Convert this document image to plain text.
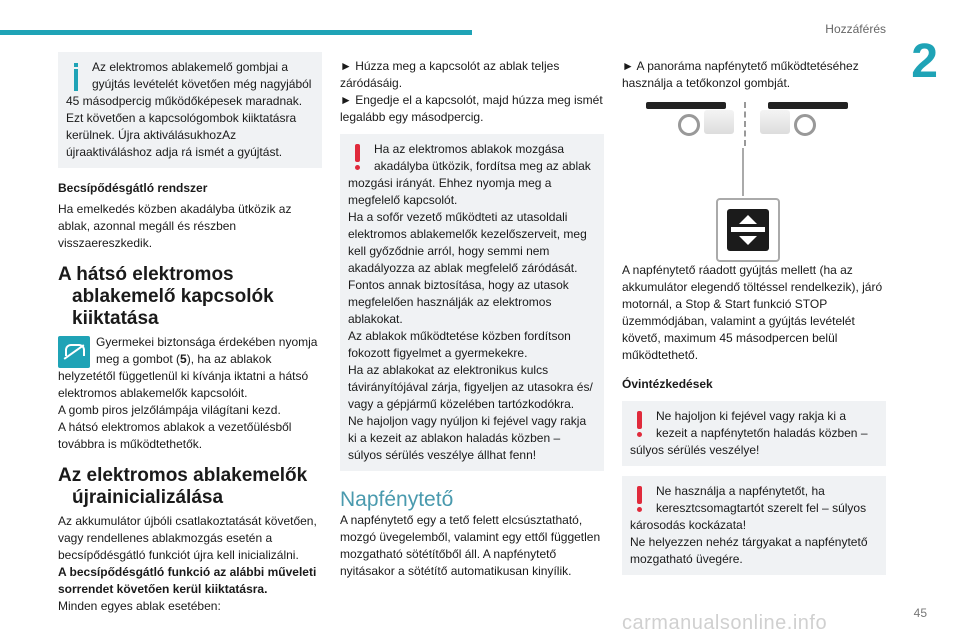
Hozzáférés
2
Az elektromos ablakemelő gombjai a gyújtás levételét követően még nagyjából 45 másodpercig működőképesek maradnak. Ezt követően a kapcsológombok kiiktatásra kerülnek. Újra aktiválásukhozAz újraaktiváláshoz adja rá ismét a gyújtást.
Becsípődésgátló rendszer
Ha emelkedés közben akadályba ütközik az ablak, azonnal megáll és részben visszaereszkedik.
A hátsó elektromos
ablakemelő kapcsolók
kiiktatása
Gyermekei biztonsága érdekében nyomja meg a gombot (5), ha az ablakok helyzetétől függetlenül ki kívánja iktatni a hátsó elektromos ablakemelők kapcsolóit.
A gomb piros jelzőlámpája világítani kezd.
A hátsó elektromos ablakok a vezetőülésből továbbra is működtethetők.
Az elektromos ablakemelők
újrainicializálása
Az akkumulátor újbóli csatlakoztatását követően, vagy rendellenes ablakmozgás esetén a becsípődésgátló funkciót újra kell inicializálni.
A becsípődésgátló funkció az alábbi műveleti sorrendet követően kerül kiiktatásra.
Minden egyes ablak esetében:
► Húzza meg a kapcsolót az ablak teljes záródásáig.
► Engedje el a kapcsolót, majd húzza meg ismét legalább egy másodpercig.
Ha az elektromos ablakok mozgása akadályba ütközik, fordítsa meg az ablak mozgási irányát. Ehhez nyomja meg a megfelelő kapcsolót.
Ha a sofőr vezető működteti az utasoldali elektromos ablakemelők kezelőszerveit, meg kell győződnie arról, hogy semmi nem akadályozza az ablak megfelelő záródását.
Fontos annak biztosítása, hogy az utasok megfelelően használják az elektromos ablakokat.
Az ablakok működtetése közben fordítson fokozott figyelmet a gyermekekre.
Ha az ablakokat az elektronikus kulcs távirányítójával zárja, figyeljen az utasokra és/ vagy a gépjármű közelében tartózkodókra.
Ne hajoljon vagy nyúljon ki fejével vagy rakja ki a kezeit az ablakon haladás közben – súlyos sérülés veszélye állhat fenn!
Napfénytető
A napfénytető egy a tető felett elcsúsztatható, mozgó üvegelemből, valamint egy ettől független mozgatható sötétítőből áll. A napfénytető nyitásakor a sötétítő automatikusan kinyílik.
► A panoráma napfénytető működtetéséhez használja a tetőkonzol gombját.
A napfénytető ráadott gyújtás mellett (ha az akkumulátor elegendő töltéssel rendelkezik), járó motornál, a Stop & Start funkció STOP üzemmódjában, valamint a gyújtás levételét követő, maximum 45 másodpercen belül működtethető.
Óvintézkedések
Ne hajoljon ki fejével vagy rakja ki a kezeit a napfénytetőn haladás közben – súlyos sérülés veszélye!
Ne használja a napfénytetőt, ha keresztcsomagtartót szerelt fel – súlyos károsodás kockázata!
Ne helyezzen nehéz tárgyakat a napfénytető mozgatható üvegére.
45
carmanualsonline.info
